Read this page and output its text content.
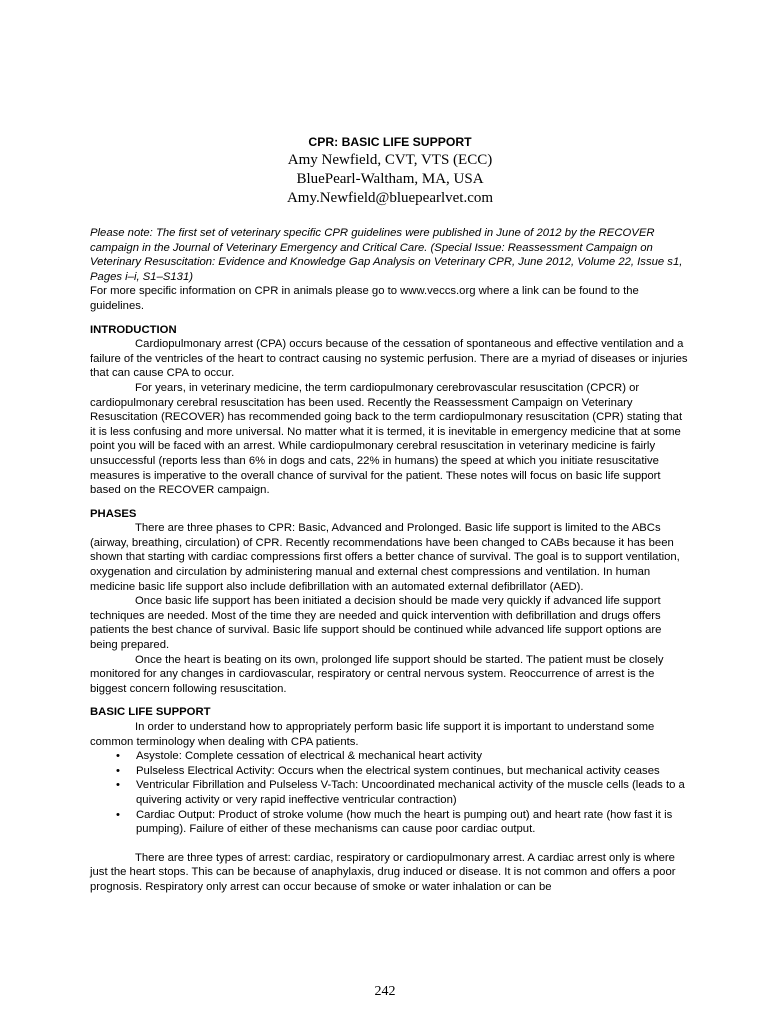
CPR: BASIC LIFE SUPPORT

Amy Newfield, CVT, VTS (ECC)

BluePearl-Waltham, MA, USA

Amy.Newfield@bluepearlvet.com

Please note: The first set of veterinary specific CPR guidelines were published in June of 2012 by the RECOVER campaign in the Journal of Veterinary Emergency and Critical Care. (Special Issue: Reassessment Campaign on Veterinary Resuscitation: Evidence and Knowledge Gap Analysis on Veterinary CPR, June 2012, Volume 22, Issue s1, Pages i–i, S1–S131)

For more specific information on CPR in animals please go to www.veccs.org where a link can be found to the guidelines.

INTRODUCTION

Cardiopulmonary arrest (CPA) occurs because of the cessation of spontaneous and effective ventilation and a failure of the ventricles of the heart to contract causing no systemic perfusion. There are a myriad of diseases or injuries that can cause CPA to occur.

For years, in veterinary medicine, the term cardiopulmonary cerebrovascular resuscitation (CPCR) or cardiopulmonary cerebral resuscitation has been used. Recently the Reassessment Campaign on Veterinary Resuscitation (RECOVER) has recommended going back to the term cardiopulmonary resuscitation (CPR) stating that it is less confusing and more universal. No matter what it is termed, it is inevitable in emergency medicine that at some point you will be faced with an arrest. While cardiopulmonary cerebral resuscitation in veterinary medicine is fairly unsuccessful (reports less than 6% in dogs and cats, 22% in humans) the speed at which you initiate resuscitative measures is imperative to the overall chance of survival for the patient. These notes will focus on basic life support based on the RECOVER campaign.

PHASES

There are three phases to CPR: Basic, Advanced and Prolonged. Basic life support is limited to the ABCs (airway, breathing, circulation) of CPR. Recently recommendations have been changed to CABs because it has been shown that starting with cardiac compressions first offers a better chance of survival. The goal is to support ventilation, oxygenation and circulation by administering manual and external chest compressions and ventilation. In human medicine basic life support also include defibrillation with an automated external defibrillator (AED).

Once basic life support has been initiated a decision should be made very quickly if advanced life support techniques are needed. Most of the time they are needed and quick intervention with defibrillation and drugs offers patients the best chance of survival. Basic life support should be continued while advanced life support options are being prepared.

Once the heart is beating on its own, prolonged life support should be started. The patient must be closely monitored for any changes in cardiovascular, respiratory or central nervous system. Reoccurrence of arrest is the biggest concern following resuscitation.

BASIC LIFE SUPPORT

In order to understand how to appropriately perform basic life support it is important to understand some common terminology when dealing with CPA patients.

• Asystole: Complete cessation of electrical & mechanical heart activity
• Pulseless Electrical Activity: Occurs when the electrical system continues, but mechanical activity ceases
• Ventricular Fibrillation and Pulseless V-Tach: Uncoordinated mechanical activity of the muscle cells (leads to a quivering activity or very rapid ineffective ventricular contraction)
• Cardiac Output: Product of stroke volume (how much the heart is pumping out) and heart rate (how fast it is pumping). Failure of either of these mechanisms can cause poor cardiac output.

There are three types of arrest: cardiac, respiratory or cardiopulmonary arrest. A cardiac arrest only is where just the heart stops. This can be because of anaphylaxis, drug induced or disease. It is not common and offers a poor prognosis. Respiratory only arrest can occur because of smoke or water inhalation or can be

242
